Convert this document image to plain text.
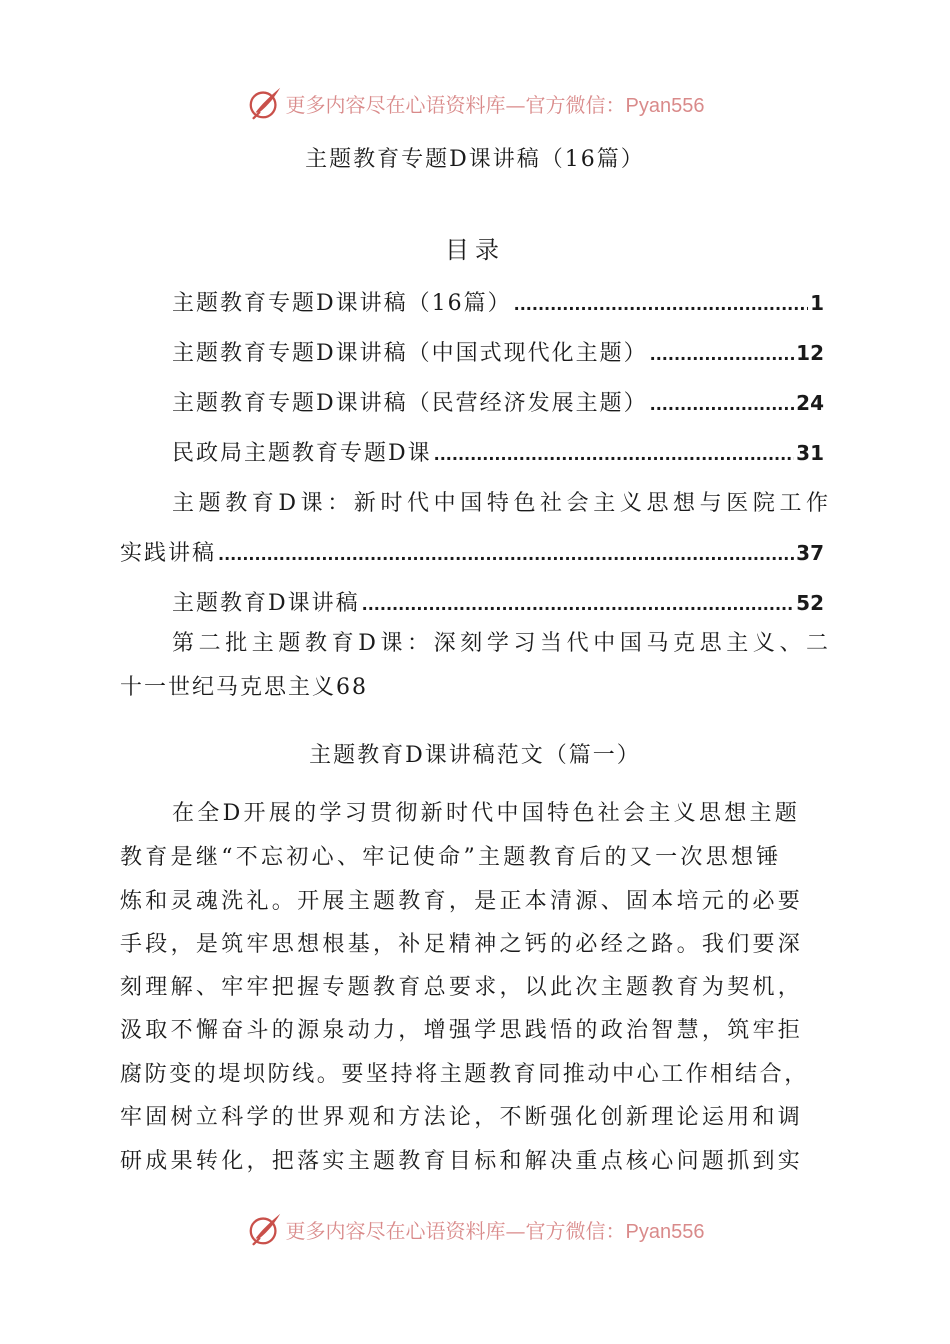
更多内容尽在心语资料库—官方微信：Pyan556
主题教育专题D课讲稿（16篇）
目录
主题教育专题D课讲稿（16篇） .....	1
主题教育专题D课讲稿（中国式现代化主题） .....	12
主题教育专题D课讲稿（民营经济发展主题） .....	24
民政局主题教育专题D课 .....	31
主题教育D课：新时代中国特色社会主义思想与医院工作
实践讲稿 .....	37
主题教育D课讲稿 .....	52
第二批主题教育D课：深刻学习当代中国马克思主义、二
十一世纪马克思主义68
主题教育D课讲稿范文（篇一）
在全D开展的学习贯彻新时代中国特色社会主义思想主题
教育是继“不忘初心、牢记使命”主题教育后的又一次思想锤
炼和灵魂洗礼。开展主题教育，是正本清源、固本培元的必要
手段，是筑牢思想根基，补足精神之钙的必经之路。我们要深
刻理解、牢牢把握专题教育总要求，以此次主题教育为契机，
汲取不懈奋斗的源泉动力，增强学思践悟的政治智慧，筑牢拒
腐防变的堤坝防线。要坚持将主题教育同推动中心工作相结合，
牢固树立科学的世界观和方法论，不断强化创新理论运用和调
研成果转化，把落实主题教育目标和解决重点核心问题抓到实
更多内容尽在心语资料库—官方微信：Pyan556
